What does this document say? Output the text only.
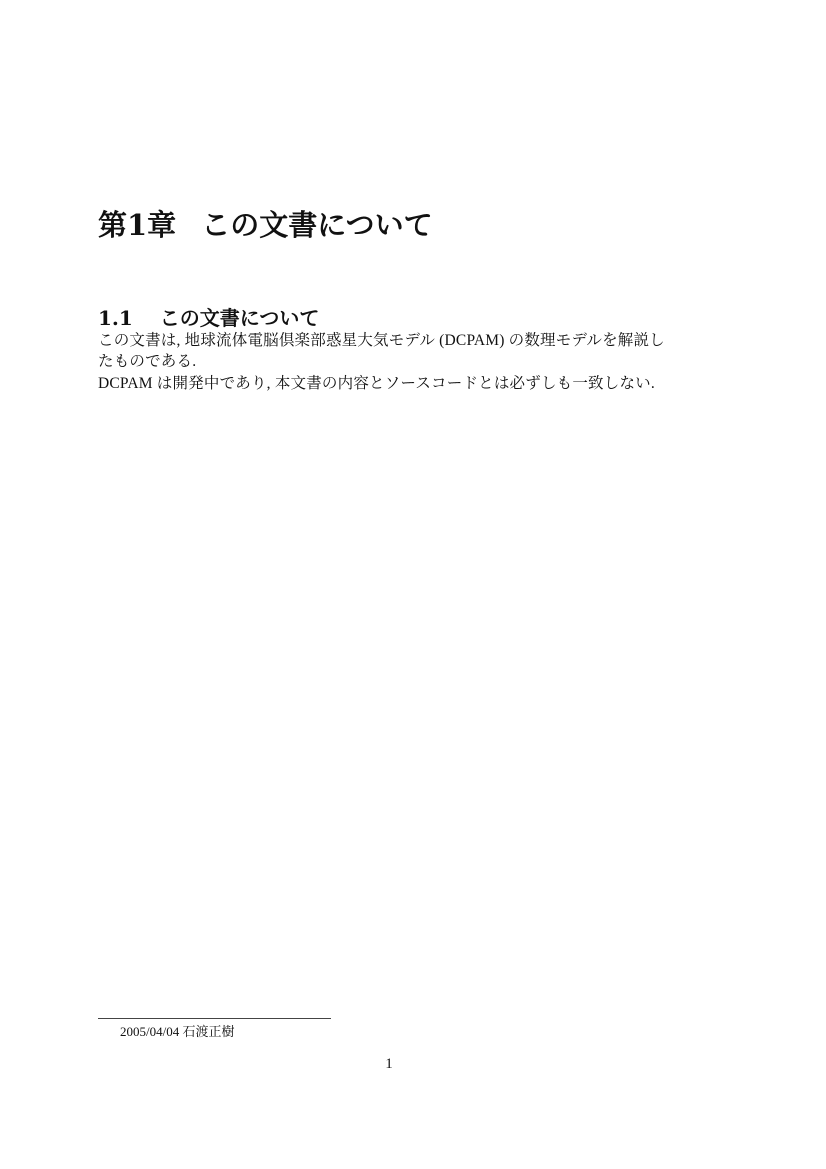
第1章 この文書について
1.1 この文書について

この文書は, 地球流体電脳倶楽部惑星大気モデル (DCPAM) の数理モデルを解説したものである.

DCPAM は開発中であり, 本文書の内容とソースコードとは必ずしも一致しない.

2005/04/04 石渡正樹
1
